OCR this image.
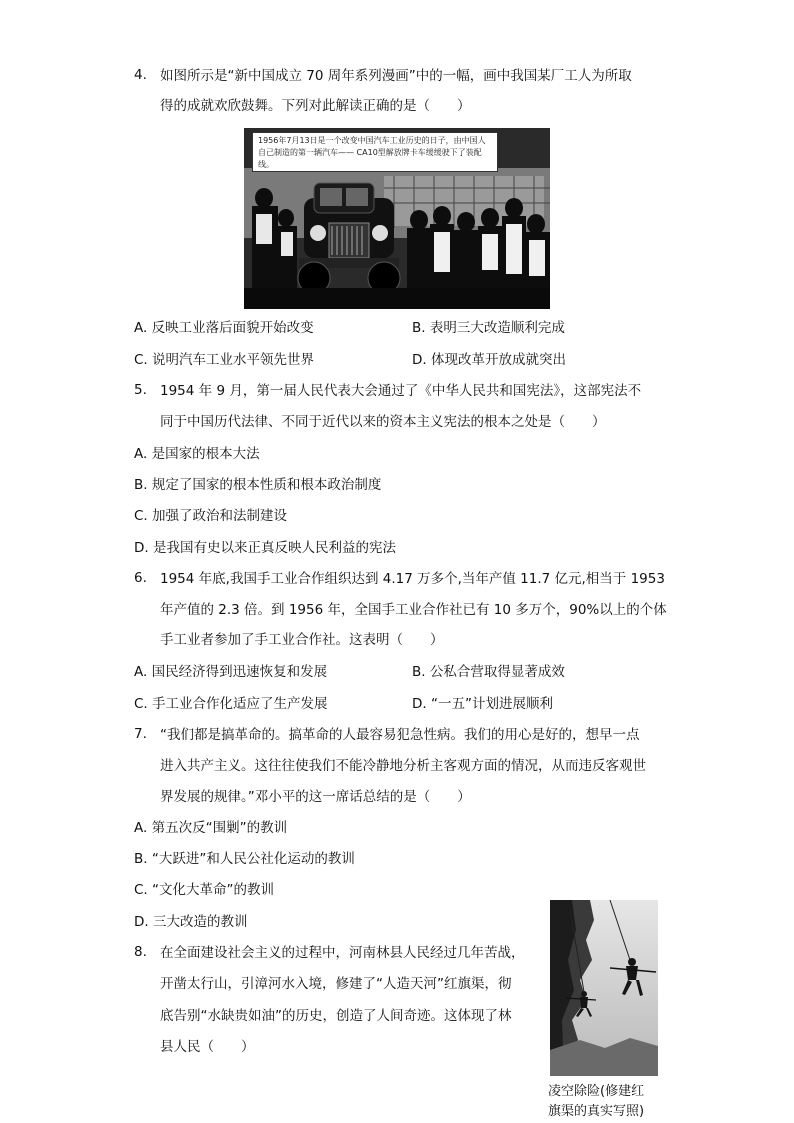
4. 如图所示是“新中国成立 70 周年系列漫画”中的一幅，画中我国某厂工人为所取
得的成就欢欣鼓舞。下列对此解读正确的是（　　）
1956年7月13日是一个改变中国汽车工业历史的日子，由中国人自己制造的第一辆汽车—— CA10型解放牌卡车缓缓驶下了装配线。
A. 反映工业落后面貌开始改变	B. 表明三大改造顺利完成
C. 说明汽车工业水平领先世界	D. 体现改革开放成就突出
5. 1954 年 9 月，第一届人民代表大会通过了《中华人民共和国宪法》，这部宪法不
同于中国历代法律、不同于近代以来的资本主义宪法的根本之处是（　　）
A. 是国家的根本大法
B. 规定了国家的根本性质和根本政治制度
C. 加强了政治和法制建设
D. 是我国有史以来正真反映人民利益的宪法
6. 1954 年底,我国手工业合作组织达到 4.17 万多个,当年产值 11.7 亿元,相当于 1953
年产值的 2.3 倍。到 1956 年，全国手工业合作社已有 10 多万个，90%以上的个体
手工业者参加了手工业合作社。这表明（　　）
A. 国民经济得到迅速恢复和发展	B. 公私合营取得显著成效
C. 手工业合作化适应了生产发展	D. “一五”计划进展顺利
7. “我们都是搞革命的。搞革命的人最容易犯急性病。我们的用心是好的，想早一点
进入共产主义。这往往使我们不能冷静地分析主客观方面的情况，从而违反客观世
界发展的规律。”邓小平的这一席话总结的是（　　）
A. 第五次反“围剿”的教训
B. “大跃进”和人民公社化运动的教训
C. “文化大革命”的教训
D. 三大改造的教训
8. 在全面建设社会主义的过程中，河南林县人民经过几年苦战，
开凿太行山，引漳河水入境，修建了“人造天河”红旗渠，彻
底告别“水缺贵如油”的历史，创造了人间奇迹。这体现了林
县人民（　　）
凌空除险(修建红
旗渠的真实写照)
